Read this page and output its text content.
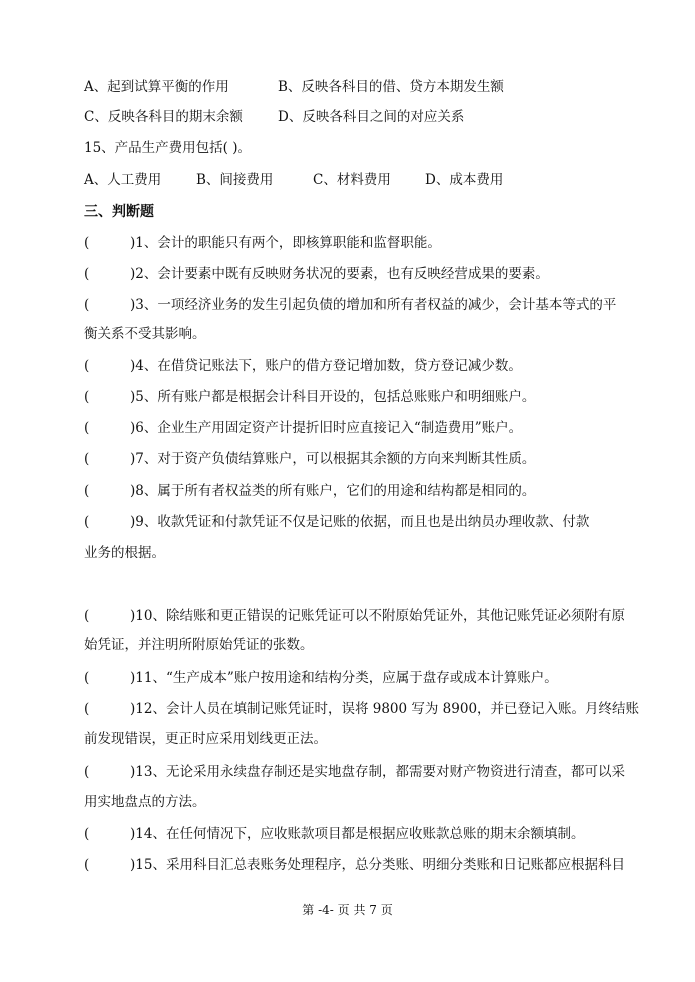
A、起到试算平衡的作用	B、反映各科目的借、贷方本期发生额
C、反映各科目的期末余额	D、反映各科目之间的对应关系
15、产品生产费用包括( )。
A、人工费用	B、间接费用	C、材料费用	D、成本费用
三、判断题
(	)1、会计的职能只有两个，即核算职能和监督职能。
(	)2、会计要素中既有反映财务状况的要素，也有反映经营成果的要素。
(	)3、一项经济业务的发生引起负债的增加和所有者权益的减少，会计基本等式的平
衡关系不受其影响。
(	)4、在借贷记账法下，账户的借方登记增加数，贷方登记减少数。
(	)5、所有账户都是根据会计科目开设的，包括总账账户和明细账户。
(	)6、企业生产用固定资产计提折旧时应直接记入“制造费用”账户。
(	)7、对于资产负债结算账户，可以根据其余额的方向来判断其性质。
(	)8、属于所有者权益类的所有账户，它们的用途和结构都是相同的。
(	)9、收款凭证和付款凭证不仅是记账的依据，而且也是出纳员办理收款、付款
业务的根据。
(	)10、除结账和更正错误的记账凭证可以不附原始凭证外，其他记账凭证必须附有原
始凭证，并注明所附原始凭证的张数。
(	)11、“生产成本”账户按用途和结构分类，应属于盘存或成本计算账户。
(	)12、会计人员在填制记账凭证时，误将 9800 写为 8900，并已登记入账。月终结账
前发现错误，更正时应采用划线更正法。
(	)13、无论采用永续盘存制还是实地盘存制，都需要对财产物资进行清查，都可以采
用实地盘点的方法。
(	)14、在任何情况下，应收账款项目都是根据应收账款总账的期末余额填制。
(	)15、采用科目汇总表账务处理程序，总分类账、明细分类账和日记账都应根据科目
第 -4- 页 共 7 页
